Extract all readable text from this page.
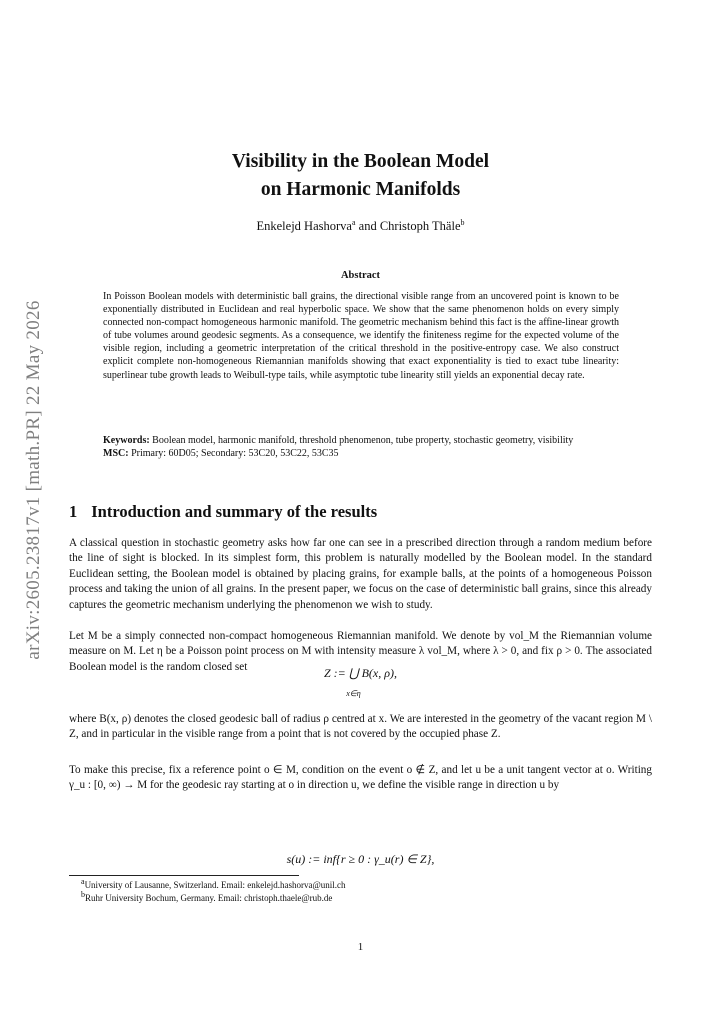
arXiv:2605.23817v1 [math.PR] 22 May 2026
Visibility in the Boolean Model
on Harmonic Manifolds
Enkelejd Hashorva$^a$ and Christoph Thäle$^b$
Abstract
In Poisson Boolean models with deterministic ball grains, the directional visible range from an uncovered point is known to be exponentially distributed in Euclidean and real hyperbolic space. We show that the same phenomenon holds on every simply connected non-compact homogeneous harmonic manifold. The geometric mechanism behind this fact is the affine-linear growth of tube volumes around geodesic segments. As a consequence, we identify the finiteness regime for the expected volume of the visible region, including a geometric interpretation of the critical threshold in the positive-entropy case. We also construct explicit complete non-homogeneous Riemannian manifolds showing that exact exponentiality is tied to exact tube linearity: superlinear tube growth leads to Weibull-type tails, while asymptotic tube linearity still yields an exponential decay rate.
Keywords: Boolean model, harmonic manifold, threshold phenomenon, tube property, stochastic geometry, visibility
MSC: Primary: 60D05; Secondary: 53C20, 53C22, 53C35
1 Introduction and summary of the results
A classical question in stochastic geometry asks how far one can see in a prescribed direction through a random medium before the line of sight is blocked. In its simplest form, this problem is naturally modelled by the Boolean model. In the standard Euclidean setting, the Boolean model is obtained by placing grains, for example balls, at the points of a homogeneous Poisson process and taking the union of all grains. In the present paper, we focus on the case of deterministic ball grains, since this already captures the geometric mechanism underlying the phenomenon we wish to study.
Let M be a simply connected non-compact homogeneous Riemannian manifold. We denote by vol_M the Riemannian volume measure on M. Let η be a Poisson point process on M with intensity measure λ vol_M, where λ > 0, and fix ρ > 0. The associated Boolean model is the random closed set	Z := ⋃ B(x, ρ),
x∈η
where B(x, ρ) denotes the closed geodesic ball of radius ρ centred at x. We are interested in the geometry of the vacant region M \ Z, and in particular in the visible range from a point that is not covered by the occupied phase Z.
To make this precise, fix a reference point o ∈ M, condition on the event o ∉ Z, and let u be a unit tangent vector at o. Writing γ_u : [0, ∞) → M for the geodesic ray starting at o in direction u, we define the visible range in direction u by
s(u) := inf{r ≥ 0 : γ_u(r) ∈ Z},
$^a$University of Lausanne, Switzerland. Email: enkelejd.hashorva@unil.ch
$^b$Ruhr University Bochum, Germany. Email: christoph.thaele@rub.de
1
